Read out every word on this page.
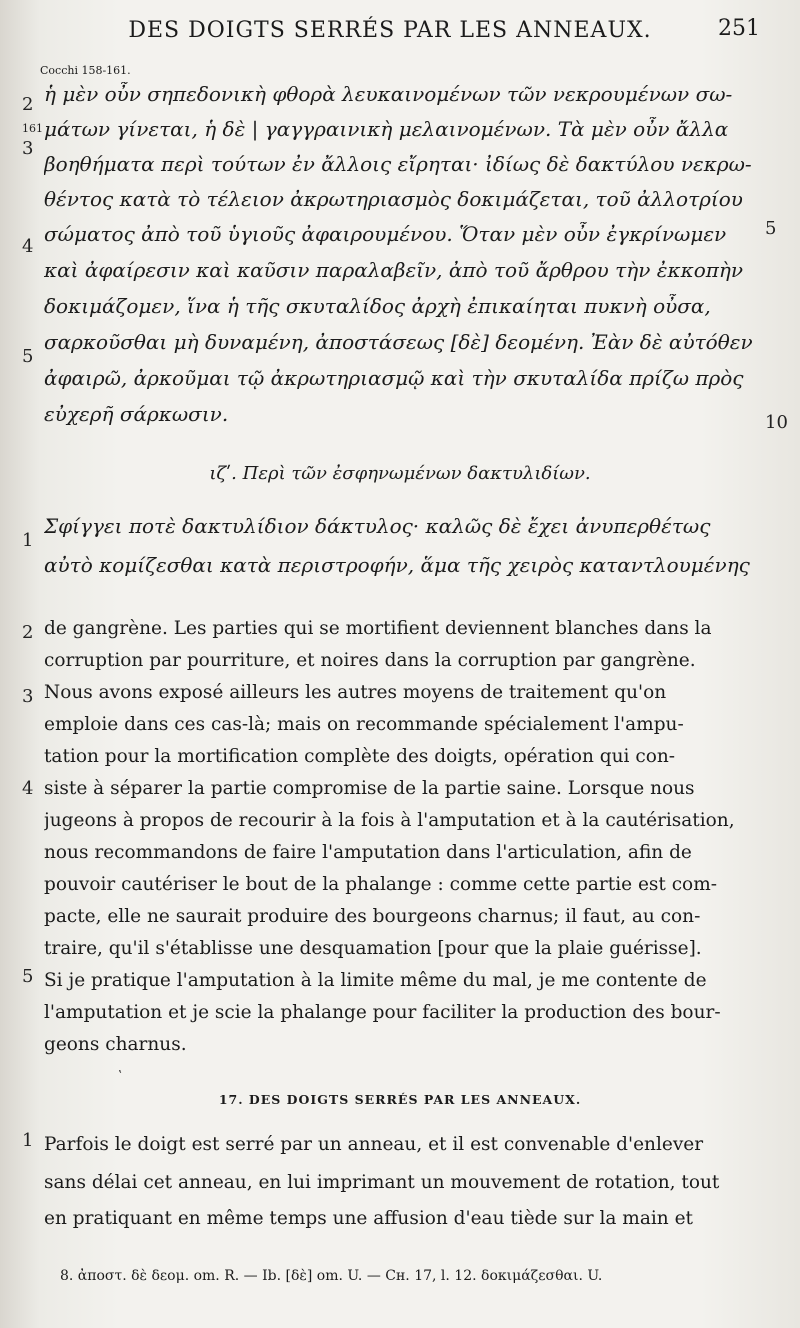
DES DOIGTS SERRÉS PAR LES ANNEAUX.	251
Cocchi 158-161.
2
161
3
4
5
5
10
ἡ μὲν οὖν σηπεδονικὴ φθορὰ λευκαινομένων τῶν νεκρουμένων σω-
μάτων γίνεται, ἡ δὲ | γαγγραινικὴ μελαινομένων. Τὰ μὲν οὖν ἄλλα
βοηθήματα περὶ τούτων ἐν ἄλλοις εἴρηται· ἰδίως δὲ δακτύλου νεκρω-
θέντος κατὰ τὸ τέλειον ἀκρωτηριασμὸς δοκιμάζεται, τοῦ ἀλλοτρίου
σώματος ἀπὸ τοῦ ὑγιοῦς ἀφαιρουμένου. Ὅταν μὲν οὖν ἐγκρίνωμεν
καὶ ἀφαίρεσιν καὶ καῦσιν παραλαβεῖν, ἀπὸ τοῦ ἄρθρου τὴν ἐκκοπὴν
δοκιμάζομεν, ἵνα ἡ τῆς σκυταλίδος ἀρχὴ ἐπικαίηται πυκνὴ οὖσα,
σαρκοῦσθαι μὴ δυναμένη, ἀποστάσεως [δὲ] δεομένη. Ἐὰν δὲ αὐτόθεν
ἀφαιρῶ, ἀρκοῦμαι τῷ ἀκρωτηριασμῷ καὶ τὴν σκυταλίδα πρίζω πρὸς
εὐχερῆ σάρκωσιν.
ιζʹ. Περὶ τῶν ἐσφηνωμένων δακτυλιδίων.
1
Σφίγγει ποτὲ δακτυλίδιον δάκτυλος· καλῶς δὲ ἔχει ἀνυπερθέτως
αὐτὸ κομίζεσθαι κατὰ περιστροφήν, ἅμα τῆς χειρὸς καταντλουμένης
2
3
4
5
de gangrène. Les parties qui se mortifient deviennent blanches dans la
corruption par pourriture, et noires dans la corruption par gangrène.
Nous avons exposé ailleurs les autres moyens de traitement qu'on
emploie dans ces cas-là; mais on recommande spécialement l'ampu-
tation pour la mortification complète des doigts, opération qui con-
siste à séparer la partie compromise de la partie saine. Lorsque nous
jugeons à propos de recourir à la fois à l'amputation et à la cautérisation,
nous recommandons de faire l'amputation dans l'articulation, afin de
pouvoir cautériser le bout de la phalange : comme cette partie est com-
pacte, elle ne saurait produire des bourgeons charnus; il faut, au con-
traire, qu'il s'établisse une desquamation [pour que la plaie guérisse].
Si je pratique l'amputation à la limite même du mal, je me contente de
l'amputation et je scie la phalange pour faciliter la production des bour-
geons charnus.
ʽ
17. DES DOIGTS SERRÉS PAR LES ANNEAUX.
1 Parfois le doigt est serré par un anneau, et il est convenable d'enlever
sans délai cet anneau, en lui imprimant un mouvement de rotation, tout
en pratiquant en même temps une affusion d'eau tiède sur la main et
8. ἀποστ. δὲ δεομ. om. R. — Ib. [δὲ] om. U. — Cн. 17, l. 12. δοκιμάζεσθαι. U.
